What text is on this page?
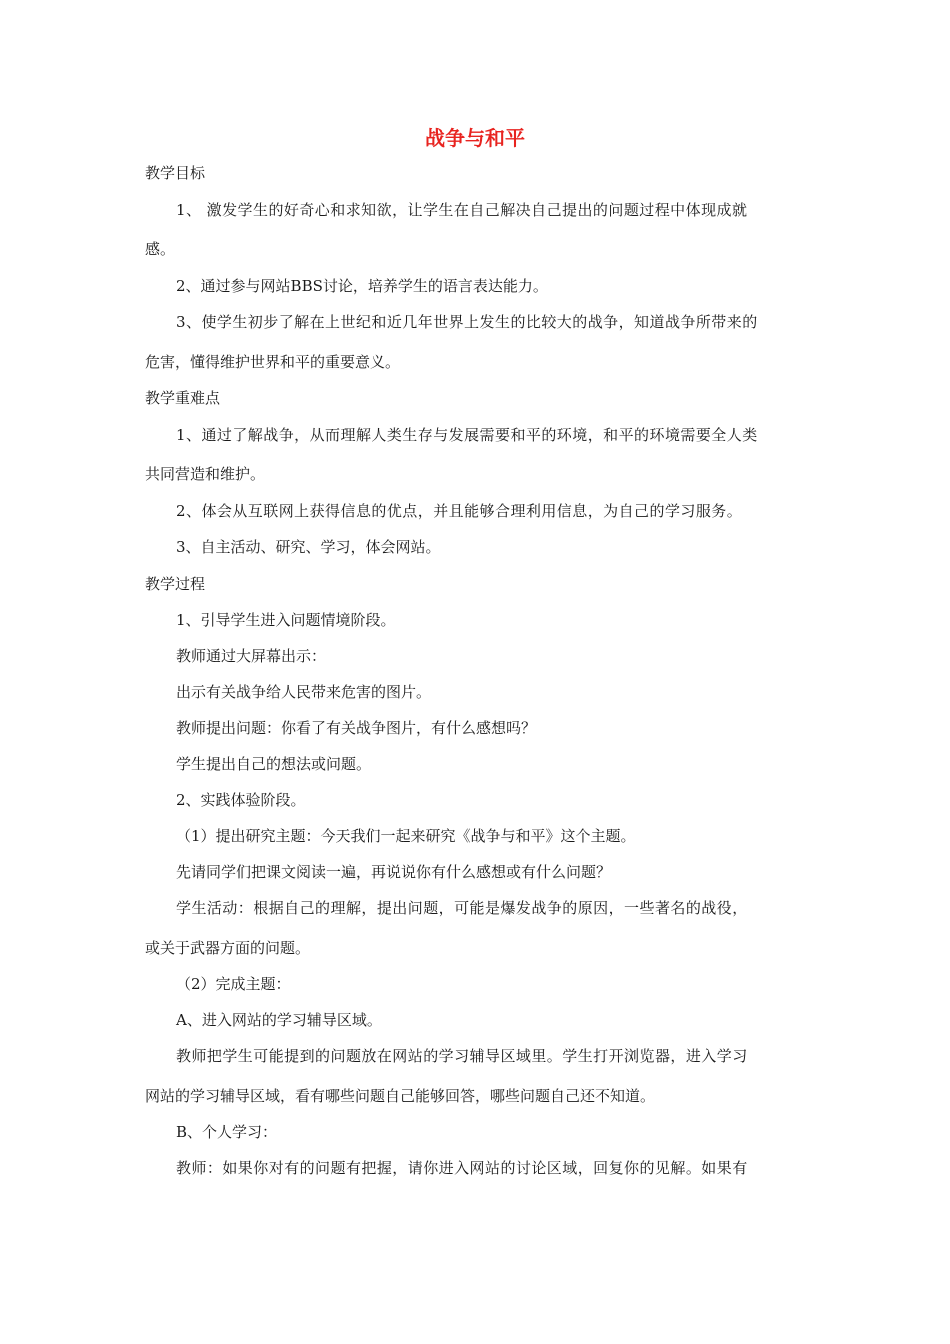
战争与和平

教学目标

1、 激发学生的好奇心和求知欲，让学生在自己解决自己提出的问题过程中体现成就

感。

2、通过参与网站BBS讨论，培养学生的语言表达能力。

3、使学生初步了解在上世纪和近几年世界上发生的比较大的战争，知道战争所带来的

危害，懂得维护世界和平的重要意义。

教学重难点

1、通过了解战争，从而理解人类生存与发展需要和平的环境，和平的环境需要全人类

共同营造和维护。

2、体会从互联网上获得信息的优点，并且能够合理利用信息，为自己的学习服务。

3、自主活动、研究、学习，体会网站。

教学过程

1、引导学生进入问题情境阶段。

教师通过大屏幕出示：

出示有关战争给人民带来危害的图片。

教师提出问题：你看了有关战争图片，有什么感想吗？

学生提出自己的想法或问题。

2、实践体验阶段。

（1）提出研究主题：今天我们一起来研究《战争与和平》这个主题。

先请同学们把课文阅读一遍，再说说你有什么感想或有什么问题？

学生活动：根据自己的理解，提出问题，可能是爆发战争的原因，一些著名的战役，

或关于武器方面的问题。

（2）完成主题：

A、进入网站的学习辅导区域。

教师把学生可能提到的问题放在网站的学习辅导区域里。学生打开浏览器，进入学习

网站的学习辅导区域，看有哪些问题自己能够回答，哪些问题自己还不知道。

B、个人学习：

教师：如果你对有的问题有把握，请你进入网站的讨论区域，回复你的见解。如果有
